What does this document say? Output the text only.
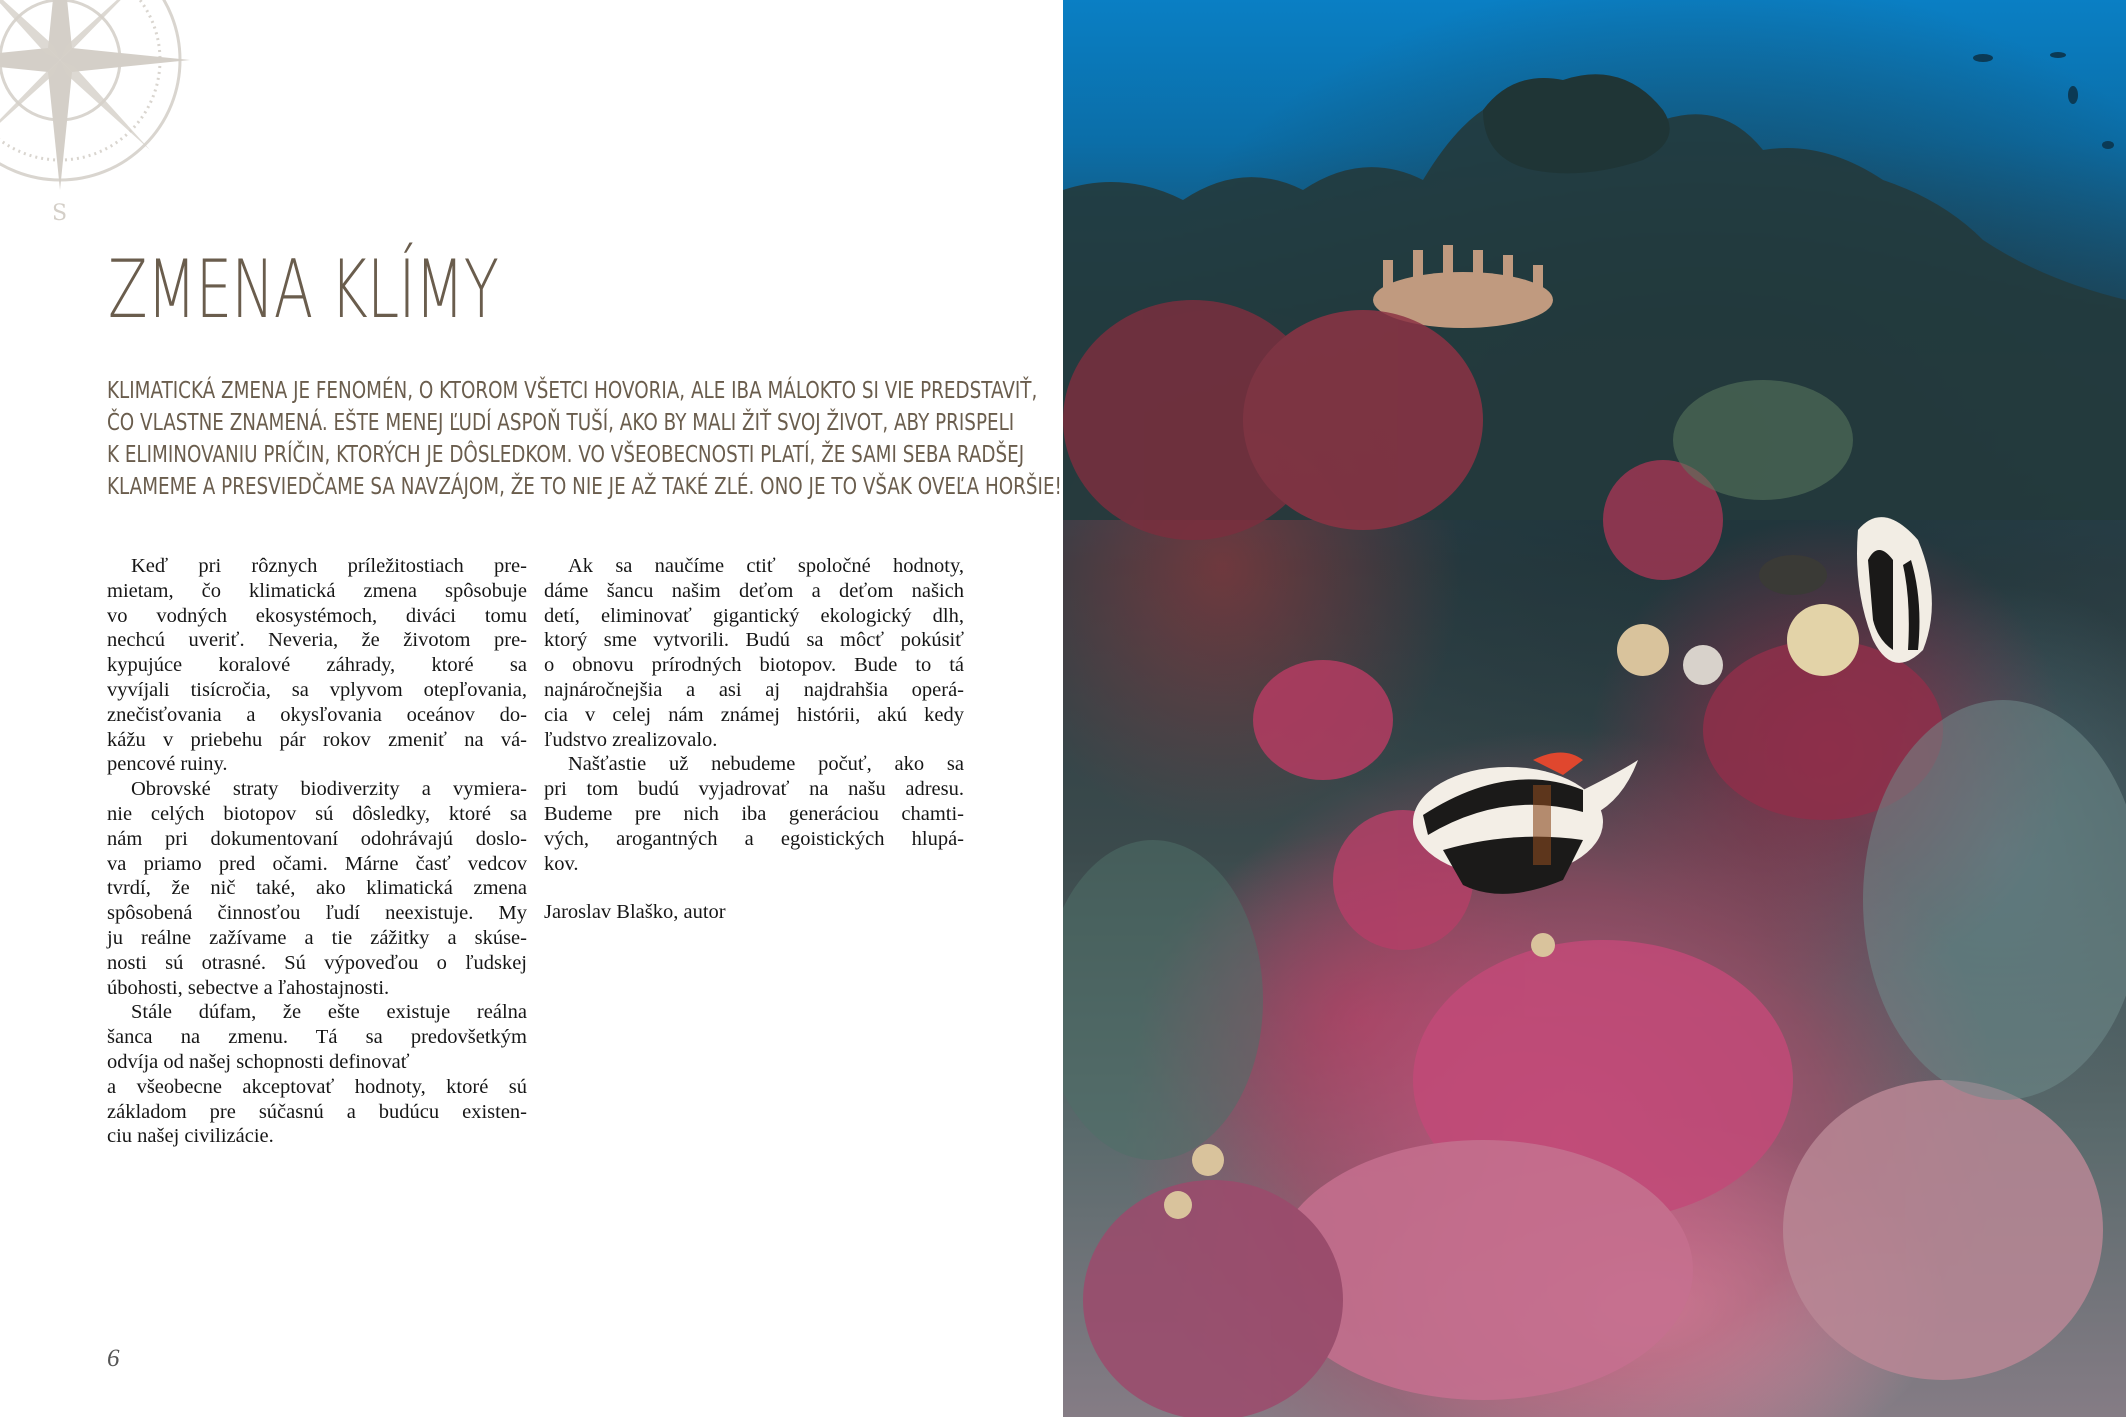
S
ZMENA KLÍMY
KLIMATICKÁ ZMENA JE FENOMÉN, O KTOROM VŠETCI HOVORIA, ALE IBA MÁLOKTO SI VIE PREDSTAVIŤ,
ČO VLASTNE ZNAMENÁ. EŠTE MENEJ ĽUDÍ ASPOŇ TUŠÍ, AKO BY MALI ŽIŤ SVOJ ŽIVOT, ABY PRISPELI
K ELIMINOVANIU PRÍČIN, KTORÝCH JE DÔSLEDKOM. VO VŠEOBECNOSTI PLATÍ, ŽE SAMI SEBA RADŠEJ
KLAMEME A PRESVIEDČAME SA NAVZÁJOM, ŽE TO NIE JE AŽ TAKÉ ZLÉ. ONO JE TO VŠAK OVEĽA HORŠIE!

Keď pri rôznych príležitostiach pre-
mietam, čo klimatická zmena spôsobuje
vo vodných ekosystémoch, diváci tomu
nechcú uveriť. Neveria, že životom pre-
kypujúce koralové záhrady, ktoré sa
vyvíjali tisícročia, sa vplyvom otepľovania,
znečisťovania a okysľovania oceánov do-
kážu v priebehu pár rokov zmeniť na vá-
pencové ruiny.

Obrovské straty biodiverzity a vymiera-
nie celých biotopov sú dôsledky, ktoré sa
nám pri dokumentovaní odohrávajú doslo-
va priamo pred očami. Márne časť vedcov
tvrdí, že nič také, ako klimatická zmena
spôsobená činnosťou ľudí neexistuje. My
ju reálne zažívame a tie zážitky a skúse-
nosti sú otrasné. Sú výpoveďou o ľudskej
úbohosti, sebectve a ľahostajnosti.

Stále dúfam, že ešte existuje reálna
šanca na zmenu. Tá sa predovšetkým
odvíja od našej schopnosti definovať
a všeobecne akceptovať hodnoty, ktoré sú
základom pre súčasnú a budúcu existen-
ciu našej civilizácie.

Ak sa naučíme ctiť spoločné hodnoty,
dáme šancu našim deťom a deťom našich
detí, eliminovať gigantický ekologický dlh,
ktorý sme vytvorili. Budú sa môcť pokúsiť
o obnovu prírodných biotopov. Bude to tá
najnáročnejšia a asi aj najdrahšia operá-
cia v celej nám známej histórii, akú kedy
ľudstvo zrealizovalo.

Našťastie už nebudeme počuť, ako sa
pri tom budú vyjadrovať na našu adresu.
Budeme pre nich iba generáciou chamti-
vých, arogantných a egoistických hlupá-
kov.

Jaroslav Blaško, autor

6
